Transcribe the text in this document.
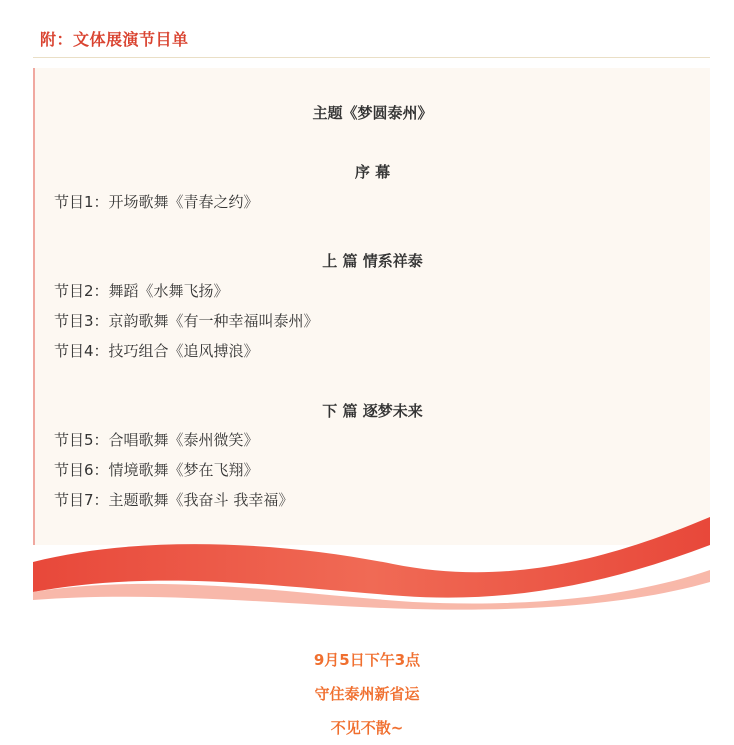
附：文体展演节目单
主题《梦圆泰州》
序 幕
节目1：开场歌舞《青春之约》
上 篇 情系祥泰
节目2：舞蹈《水舞飞扬》
节目3：京韵歌舞《有一种幸福叫泰州》
节目4：技巧组合《追风搏浪》
下 篇 逐梦未来
节目5：合唱歌舞《泰州微笑》
节目6：情境歌舞《梦在飞翔》
节目7：主题歌舞《我奋斗 我幸福》
9月5日下午3点
守住泰州新省运
不见不散~
